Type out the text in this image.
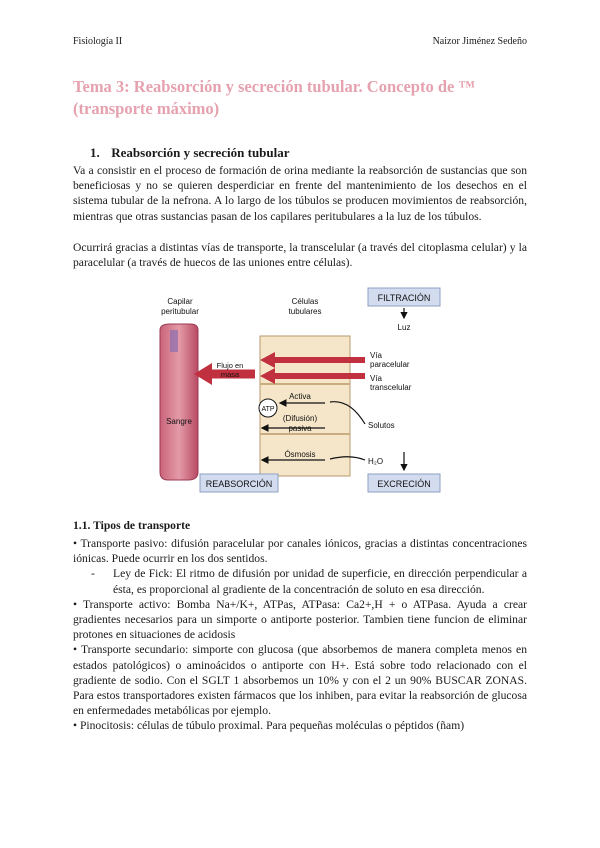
Fisiología II	Naizor Jiménez Sedeño
Tema 3: Reabsorción y secreción tubular. Concepto de ™ (transporte máximo)
1. Reabsorción y secreción tubular

Va a consistir en el proceso de formación de orina mediante la reabsorción de sustancias que son beneficiosas y no se quieren desperdiciar en frente del mantenimiento de los desechos en el sistema tubular de la nefrona. A lo largo de los túbulos se producen movimientos de reabsorción, mientras que otras sustancias pasan de los capilares peritubulares a la luz de los túbulos.

Ocurrirá gracias a distintas vías de transporte, la transcelular (a través del citoplasma celular) y la paracelular (a través de huecos de las uniones entre células).

FILTRACIÓN
Luz
REABSORCIÓN	EXCRECIÓN
Capilar
peritubular
Células
tubulares
Vía
paracelular
Vía
transcelular
Flujo en
masa
ATP
Activa
(Difusión)
pasiva	Solutos
Sangre
Ósmosis
H₂O
1.1. Tipos de transporte

• Transporte pasivo: difusión paracelular por canales iónicos, gracias a distintas concentraciones iónicas. Puede ocurrir en los dos sentidos.

-	Ley de Fick: El ritmo de difusión por unidad de superficie, en dirección perpendicular a ésta, es proporcional al gradiente de la concentración de soluto en esa dirección.

• Transporte activo: Bomba Na+/K+, ATPas, ATPasa: Ca2+,H + o ATPasa. Ayuda a crear gradientes necesarios para un simporte o antiporte posterior. Tambien tiene funcion de eliminar protones en situaciones de acidosis

• Transporte secundario: simporte con glucosa (que absorbemos de manera completa menos en estados patológicos) o aminoácidos o antiporte con H+. Está sobre todo relacionado con el gradiente de sodio. Con el SGLT 1 absorbemos un 10% y con el 2 un 90% BUSCAR ZONAS. Para estos transportadores existen fármacos que los inhiben, para evitar la reabsorción de glucosa en enfermedades metabólicas por ejemplo.

• Pinocitosis: células de túbulo proximal. Para pequeñas moléculas o péptidos (ñam)
